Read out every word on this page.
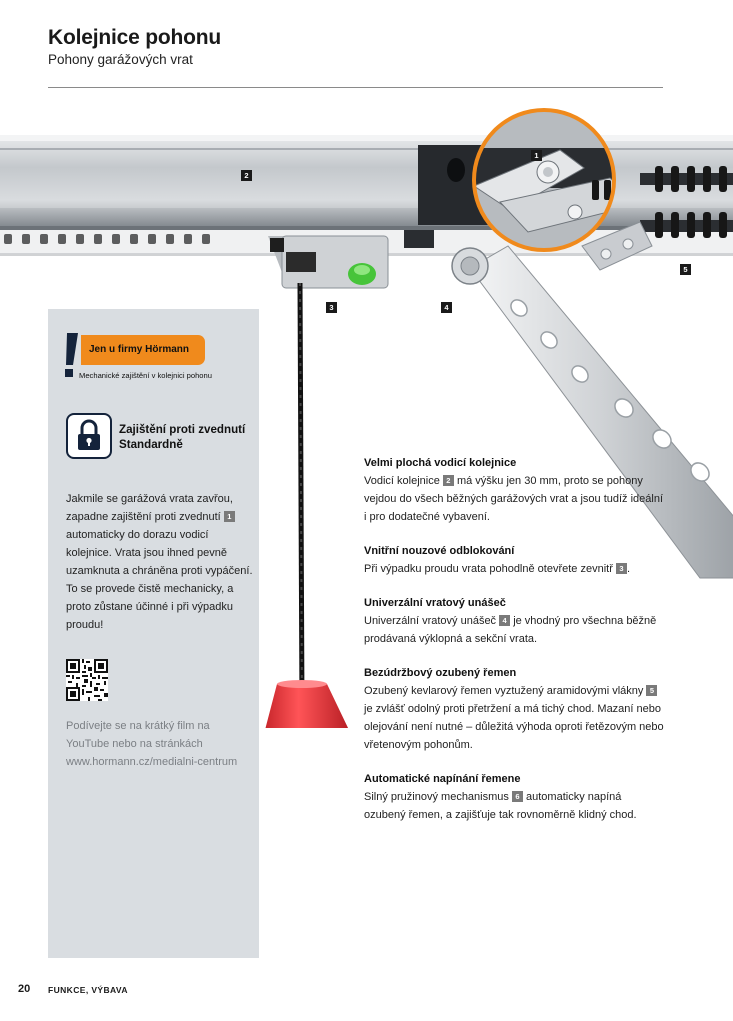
Kolejnice pohonu
Pohony garážových vrat
1
2
3	4
5
Jen u firmy Hörmann
Mechanické zajištění v kolejnici pohonu
Zajištění proti zvednutí
Standardně
Jakmile se garážová vrata zavřou, zapadne zajištění proti zvednutí 1 automaticky do dorazu vodicí kolejnice. Vrata jsou ihned pevně uzamknuta a chráněna proti vypáčení. To se provede čistě mechanicky, a proto zůstane účinné i při výpadku proudu!
Podívejte se na krátký film na YouTube nebo na stránkách www.hormann.cz/medialni-centrum
Velmi plochá vodicí kolejnice

Vodicí kolejnice 2 má výšku jen 30 mm, proto se pohony vejdou do všech běžných garážových vrat a jsou tudíž ideální i pro dodatečné vybavení.

Vnitřní nouzové odblokování

Při výpadku proudu vrata pohodlně otevřete zevnitř 3 .

Univerzální vratový unášeč

Univerzální vratový unášeč 4 je vhodný pro všechna běžně prodávaná výklopná a sekční vrata.

Bezúdržbový ozubený řemen

Ozubený kevlarový řemen vyztužený aramidovými vlákny 5 je zvlášť odolný proti přetržení a má tichý chod. Mazaní nebo olejování není nutné – důležitá výhoda oproti řetězovým nebo vřetenovým pohonům.

Automatické napínání řemene

Silný pružinový mechanismus 6 automaticky napíná ozubený řemen, a zajišťuje tak rovnoměrně klidný chod.

20 FUNKCE, VÝBAVA
